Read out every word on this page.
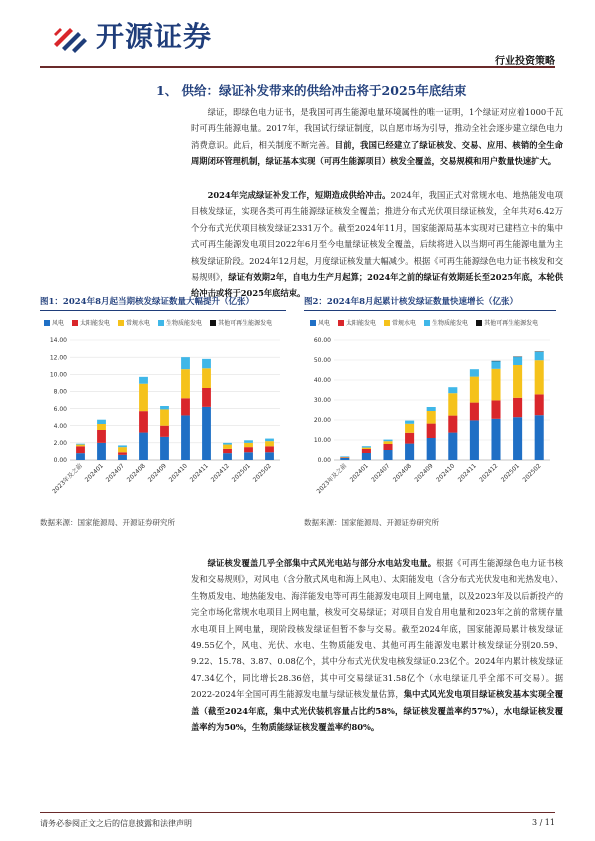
开源证券
行业投资策略
1、 供给：绿证补发带来的供给冲击将于2025年底结束

绿证，即绿色电力证书，是我国可再生能源电量环境属性的唯一证明，1个绿证对应着1000千瓦时可再生能源电量。2017年，我国试行绿证制度，以自愿市场为引导，推动全社会逐步建立绿色电力消费意识。此后，相关制度不断完善。目前，我国已经建立了绿证核发、交易、应用、核销的全生命周期闭环管理机制，绿证基本实现（可再生能源项目）核发全覆盖，交易规模和用户数量快速扩大。

2024年完成绿证补发工作，短期造成供给冲击。2024年，我国正式对常规水电、地热能发电项目核发绿证，实现各类可再生能源绿证核发全覆盖；推进分布式光伏项目绿证核发，全年共对6.42万个分布式光伏项目核发绿证2331万个。截至2024年11月，国家能源局基本实现对已建档立卡的集中式可再生能源发电项目2022年6月至今电量绿证核发全覆盖，后续将进入以当期可再生能源电量为主核发绿证阶段。2024年12月起，月度绿证核发量大幅减少。根据《可再生能源绿色电力证书核发和交易规则》，绿证有效期2年，自电力生产月起算；2024年之前的绿证有效期延长至2025年底，本轮供给冲击或将于2025年底结束。

图1：2024年8月起当期核发绿证数量大幅提升（亿张）
风电	太阳能发电	常规水电	生物质能发电	其他可再生能源发电
0.00
2.00
4.00
6.00
8.00
10.00
12.00
14.00
2023年及之前 202401 202407 202408 202409 202410 202411 202412 202501 202502
数据来源：国家能源局、开源证券研究所
图2：2024年8月起累计核发绿证数量快速增长（亿张）
风电	太阳能发电	常规水电	生物质能发电	其他可再生能源发电
0.00
10.00
20.00
30.00
40.00
50.00
60.00
2023年及之前 202401 202407 202408 202409 202410 202411 202412 202501 202502
数据来源：国家能源局、开源证券研究所

绿证核发覆盖几乎全部集中式风光电站与部分水电站发电量。根据《可再生能源绿色电力证书核发和交易规则》，对风电（含分散式风电和海上风电）、太阳能发电（含分布式光伏发电和光热发电）、生物质发电、地热能发电、海洋能发电等可再生能源发电项目上网电量，以及2023年及以后新投产的完全市场化常规水电项目上网电量，核发可交易绿证；对项目自发自用电量和2023年之前的常规存量水电项目上网电量，现阶段核发绿证但暂不参与交易。截至2024年底，国家能源局累计核发绿证49.55亿个，风电、光伏、水电、生物质能发电、其他可再生能源发电累计核发绿证分别20.59、9.22、15.78、3.87、0.08亿个，其中分布式光伏发电核发绿证0.23亿个。2024年内累计核发绿证47.34亿个，同比增长28.36倍，其中可交易绿证31.58亿个（水电绿证几乎全部不可交易）。据2022-2024年全国可再生能源发电量与绿证核发量估算，集中式风光发电项目绿证核发基本实现全覆盖（截至2024年底，集中式光伏装机容量占比约58%，绿证核发覆盖率约57%），水电绿证核发覆盖率约为50%，生物质能绿证核发覆盖率约80%。

请务必参阅正文之后的信息披露和法律声明	3 / 11
